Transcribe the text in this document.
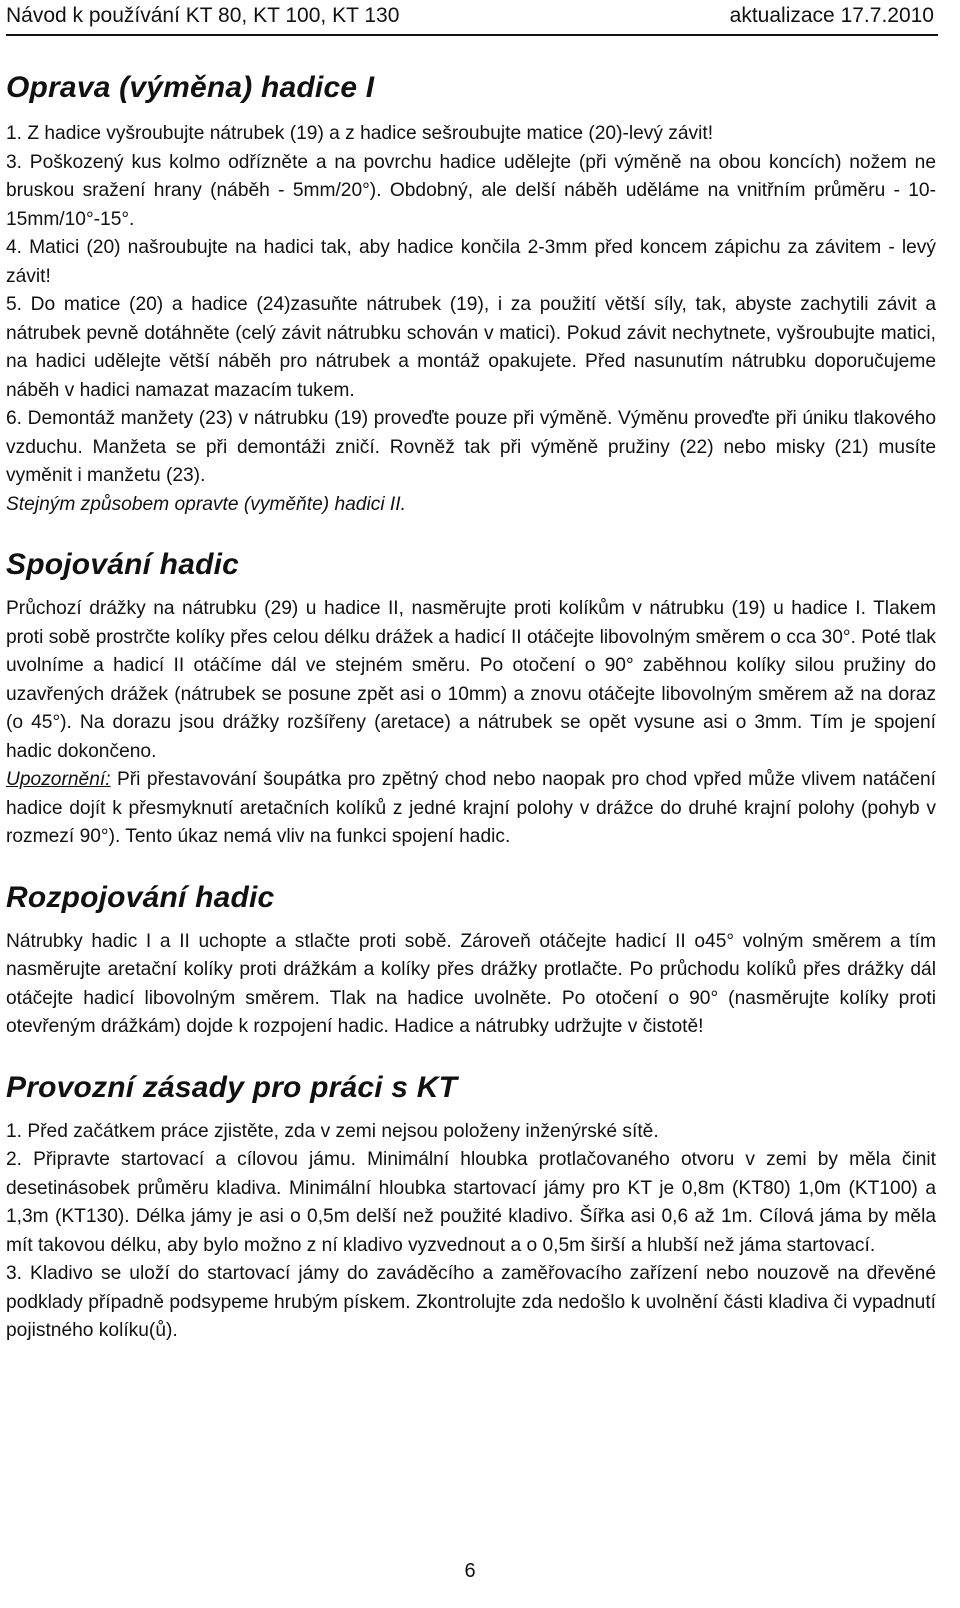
Návod k používání KT 80, KT 100, KT 130	aktualizace 17.7.2010
Oprava (výměna) hadice I

1. Z hadice vyšroubujte nátrubek (19) a z hadice sešroubujte matice (20)-levý závit!

3. Poškozený kus kolmo odřízněte a na povrchu hadice udělejte (při výměně na obou koncích) nožem ne bruskou sražení hrany (náběh - 5mm/20°). Obdobný, ale delší náběh uděláme na vnitřním průměru - 10-15mm/10°-15°.

4. Matici (20) našroubujte na hadici tak, aby hadice končila 2-3mm před koncem zápichu za závitem - levý závit!

5. Do matice (20) a hadice (24)zasuňte nátrubek (19), i za použití větší síly, tak, abyste zachytili závit a nátrubek pevně dotáhněte (celý závit nátrubku schován v matici). Pokud závit nechytnete, vyšroubujte matici, na hadici udělejte větší náběh pro nátrubek a montáž opakujete. Před nasunutím nátrubku doporučujeme náběh v hadici namazat mazacím tukem.

6. Demontáž manžety (23) v nátrubku (19) proveďte pouze při výměně. Výměnu proveďte při úniku tlakového vzduchu. Manžeta se při demontáži zničí. Rovněž tak při výměně pružiny (22) nebo misky (21) musíte vyměnit i manžetu (23).

Stejným způsobem opravte (vyměňte) hadici II.

Spojování hadic

Průchozí drážky na nátrubku (29) u hadice II, nasměrujte proti kolíkům v nátrubku (19) u hadice I. Tlakem proti sobě prostrčte kolíky přes celou délku drážek a hadicí II otáčejte libovolným směrem o cca 30°. Poté tlak uvolníme a hadicí II otáčíme dál ve stejném směru. Po otočení o 90° zaběhnou kolíky silou pružiny do uzavřených drážek (nátrubek se posune zpět asi o 10mm) a znovu otáčejte libovolným směrem až na doraz (o 45°). Na dorazu jsou drážky rozšířeny (aretace) a nátrubek se opět vysune asi o 3mm. Tím je spojení hadic dokončeno.

Upozornění: Při přestavování šoupátka pro zpětný chod nebo naopak pro chod vpřed může vlivem natáčení hadice dojít k přesmyknutí aretačních kolíků z jedné krajní polohy v drážce do druhé krajní polohy (pohyb v rozmezí 90°). Tento úkaz nemá vliv na funkci spojení hadic.

Rozpojování hadic

Nátrubky hadic I a II uchopte a stlačte proti sobě. Zároveň otáčejte hadicí II o45° volným směrem a tím nasměrujte aretační kolíky proti drážkám a kolíky přes drážky protlačte. Po průchodu kolíků přes drážky dál otáčejte hadicí libovolným směrem. Tlak na hadice uvolněte. Po otočení o 90° (nasměrujte kolíky proti otevřeným drážkám) dojde k rozpojení hadic. Hadice a nátrubky udržujte v čistotě!

Provozní zásady pro práci s KT

1. Před začátkem práce zjistěte, zda v zemi nejsou položeny inženýrské sítě.

2. Připravte startovací a cílovou jámu. Minimální hloubka protlačovaného otvoru v zemi by měla činit desetinásobek průměru kladiva. Minimální hloubka startovací jámy pro KT je 0,8m (KT80) 1,0m (KT100) a 1,3m (KT130). Délka jámy je asi o 0,5m delší než použité kladivo. Šířka asi 0,6 až 1m. Cílová jáma by měla mít takovou délku, aby bylo možno z ní kladivo vyzvednout a o 0,5m širší a hlubší než jáma startovací.

3. Kladivo se uloží do startovací jámy do zaváděcího a zaměřovacího zařízení nebo nouzově na dřevěné podklady případně podsypeme hrubým pískem. Zkontrolujte zda nedošlo k uvolnění části kladiva či vypadnutí pojistného kolíku(ů).

6
